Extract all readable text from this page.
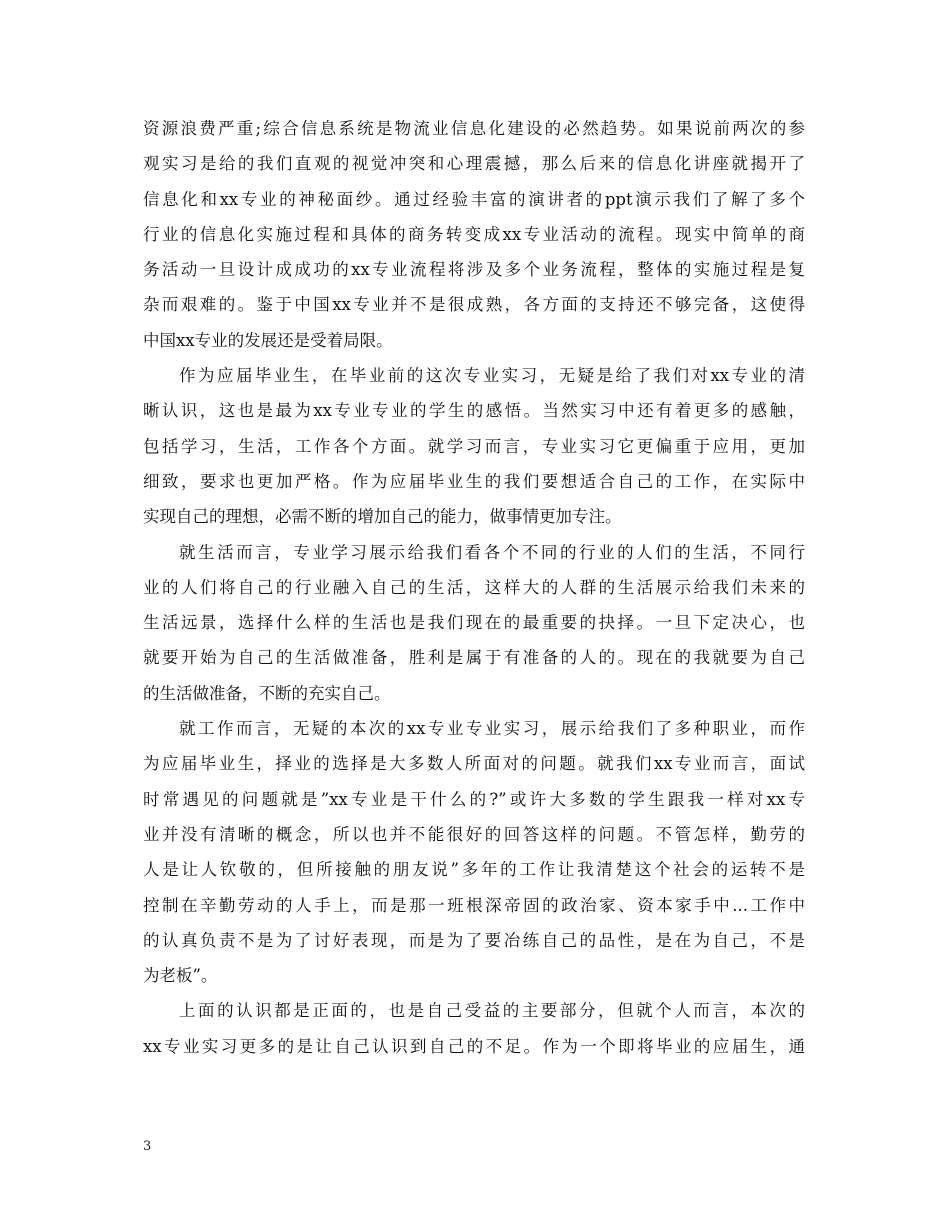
资源浪费严重;综合信息系统是物流业信息化建设的必然趋势。如果说前两次的参
观实习是给的我们直观的视觉冲突和心理震撼，那么后来的信息化讲座就揭开了
信息化和xx专业的神秘面纱。通过经验丰富的演讲者的ppt演示我们了解了多个
行业的信息化实施过程和具体的商务转变成xx专业活动的流程。现实中简单的商
务活动一旦设计成成功的xx专业流程将涉及多个业务流程，整体的实施过程是复
杂而艰难的。鉴于中国xx专业并不是很成熟，各方面的支持还不够完备，这使得
中国xx专业的发展还是受着局限。
作为应届毕业生，在毕业前的这次专业实习，无疑是给了我们对xx专业的清
晰认识，这也是最为xx专业专业的学生的感悟。当然实习中还有着更多的感触，
包括学习，生活，工作各个方面。就学习而言，专业实习它更偏重于应用，更加
细致，要求也更加严格。作为应届毕业生的我们要想适合自己的工作，在实际中
实现自己的理想，必需不断的增加自己的能力，做事情更加专注。
就生活而言，专业学习展示给我们看各个不同的行业的人们的生活，不同行
业的人们将自己的行业融入自己的生活，这样大的人群的生活展示给我们未来的
生活远景，选择什么样的生活也是我们现在的最重要的抉择。一旦下定决心，也
就要开始为自己的生活做准备，胜利是属于有准备的人的。现在的我就要为自己
的生活做准备，不断的充实自己。
就工作而言，无疑的本次的xx专业专业实习，展示给我们了多种职业，而作
为应届毕业生，择业的选择是大多数人所面对的问题。就我们xx专业而言，面试
时常遇见的问题就是”xx专业是干什么的?”或许大多数的学生跟我一样对xx专
业并没有清晰的概念，所以也并不能很好的回答这样的问题。不管怎样，勤劳的
人是让人钦敬的，但所接触的朋友说”多年的工作让我清楚这个社会的运转不是
控制在辛勤劳动的人手上，而是那一班根深帝固的政治家、资本家手中...工作中
的认真负责不是为了讨好表现，而是为了要冶练自己的品性，是在为自己，不是
为老板”。
上面的认识都是正面的，也是自己受益的主要部分，但就个人而言，本次的
xx专业实习更多的是让自己认识到自己的不足。作为一个即将毕业的应届生，通
3
